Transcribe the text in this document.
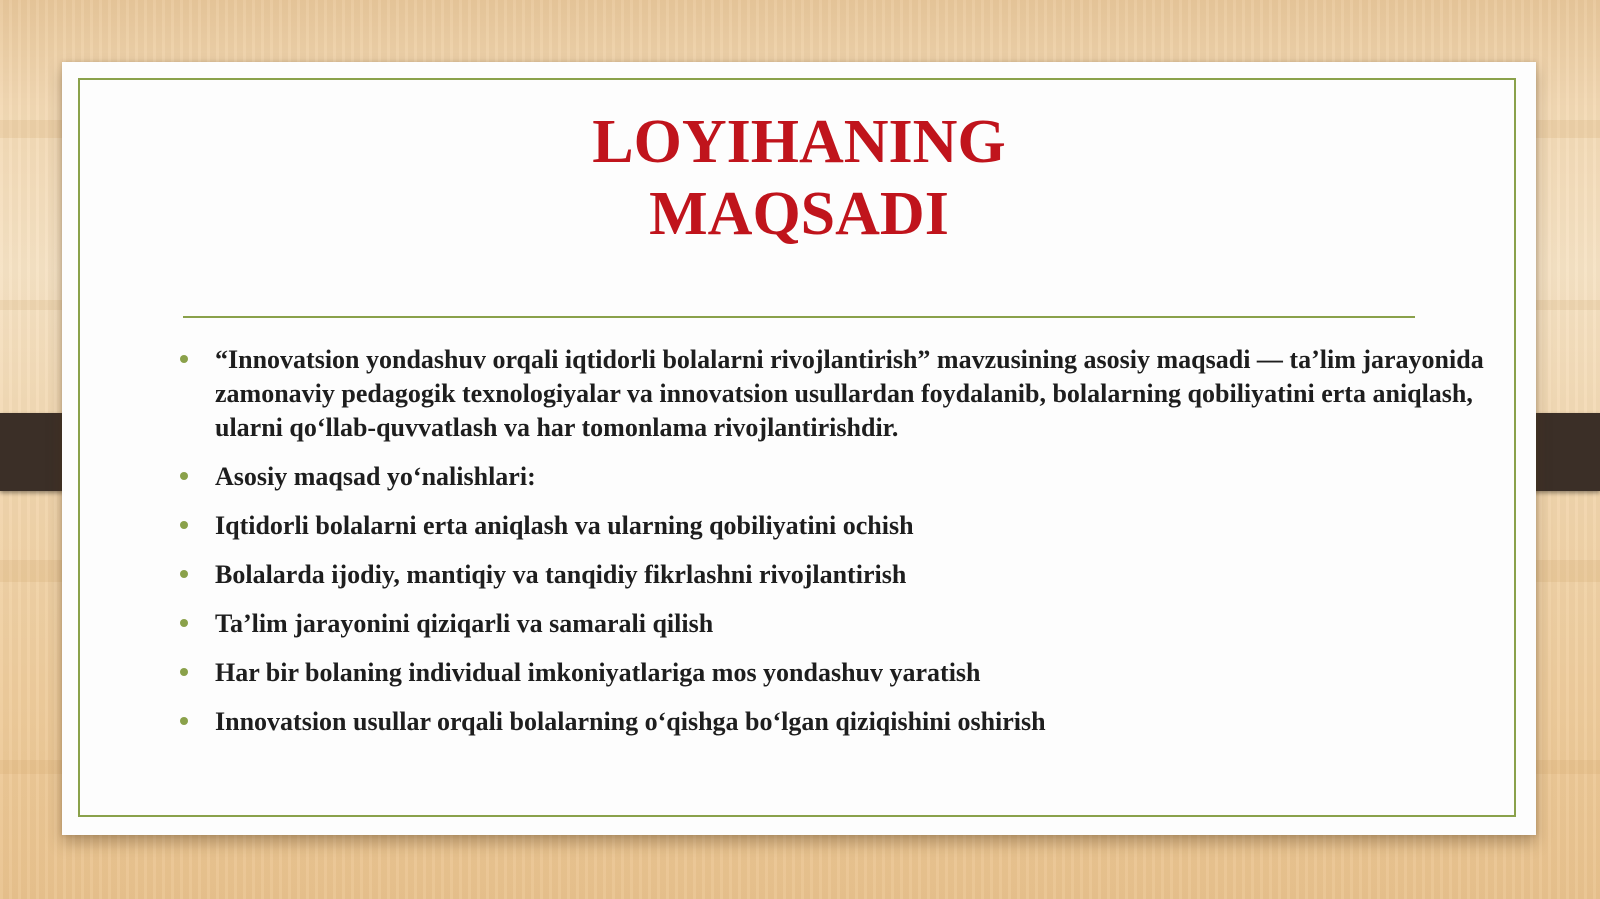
LOYIHANING
MAQSADI
“Innovatsion yondashuv orqali iqtidorli bolalarni rivojlantirish” mavzusining asosiy maqsadi — ta’lim jarayonida zamonaviy pedagogik texnologiyalar va innovatsion usullardan foydalanib, bolalarning qobiliyatini erta aniqlash, ularni qo‘llab-quvvatlash va har tomonlama rivojlantirishdir.
Asosiy maqsad yo‘nalishlari:
Iqtidorli bolalarni erta aniqlash va ularning qobiliyatini ochish
Bolalarda ijodiy, mantiqiy va tanqidiy fikrlashni rivojlantirish
Ta’lim jarayonini qiziqarli va samarali qilish
Har bir bolaning individual imkoniyatlariga mos yondashuv yaratish
Innovatsion usullar orqali bolalarning o‘qishga bo‘lgan qiziqishini oshirish
